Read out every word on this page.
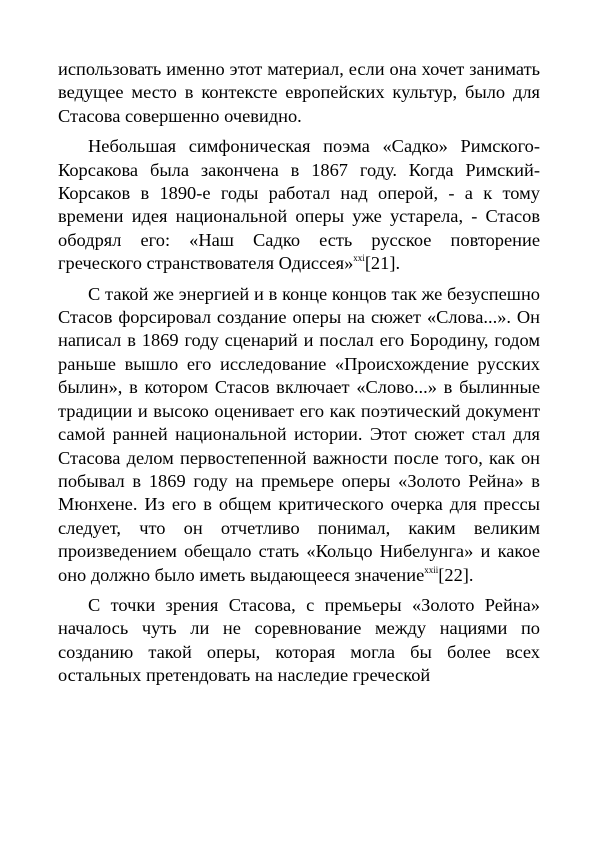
использовать именно этот материал, если она хочет занимать ведущее место в контексте европейских культур, было для Стасова совершенно очевидно.

Небольшая симфоническая поэма «Садко» Римского-Корсакова была закончена в 1867 году. Когда Римский-Корсаков в 1890-е годы работал над оперой, - а к тому времени идея национальной оперы уже устарела, - Стасов ободрял его: «Наш Садко есть русское повторение греческого странствователя Одиссея»$^{xxi}$[21].

С такой же энергией и в конце концов так же безуспешно Стасов форсировал создание оперы на сюжет «Слова...». Он написал в 1869 году сценарий и послал его Бородину, годом раньше вышло его исследование «Происхождение русских былин», в котором Стасов включает «Слово...» в былинные традиции и высоко оценивает его как поэтический документ самой ранней национальной истории. Этот сюжет стал для Стасова делом первостепенной важности после того, как он побывал в 1869 году на премьере оперы «Золото Рейна» в Мюнхене. Из его в общем критического очерка для прессы следует, что он отчетливо понимал, каким великим произведением обещало стать «Кольцо Нибелунга» и какое оно должно было иметь выдающееся значение$^{xxii}$[22].

С точки зрения Стасова, с премьеры «Золото Рейна» началось чуть ли не соревнование между нациями по созданию такой оперы, которая могла бы более всех остальных претендовать на наследие греческой
